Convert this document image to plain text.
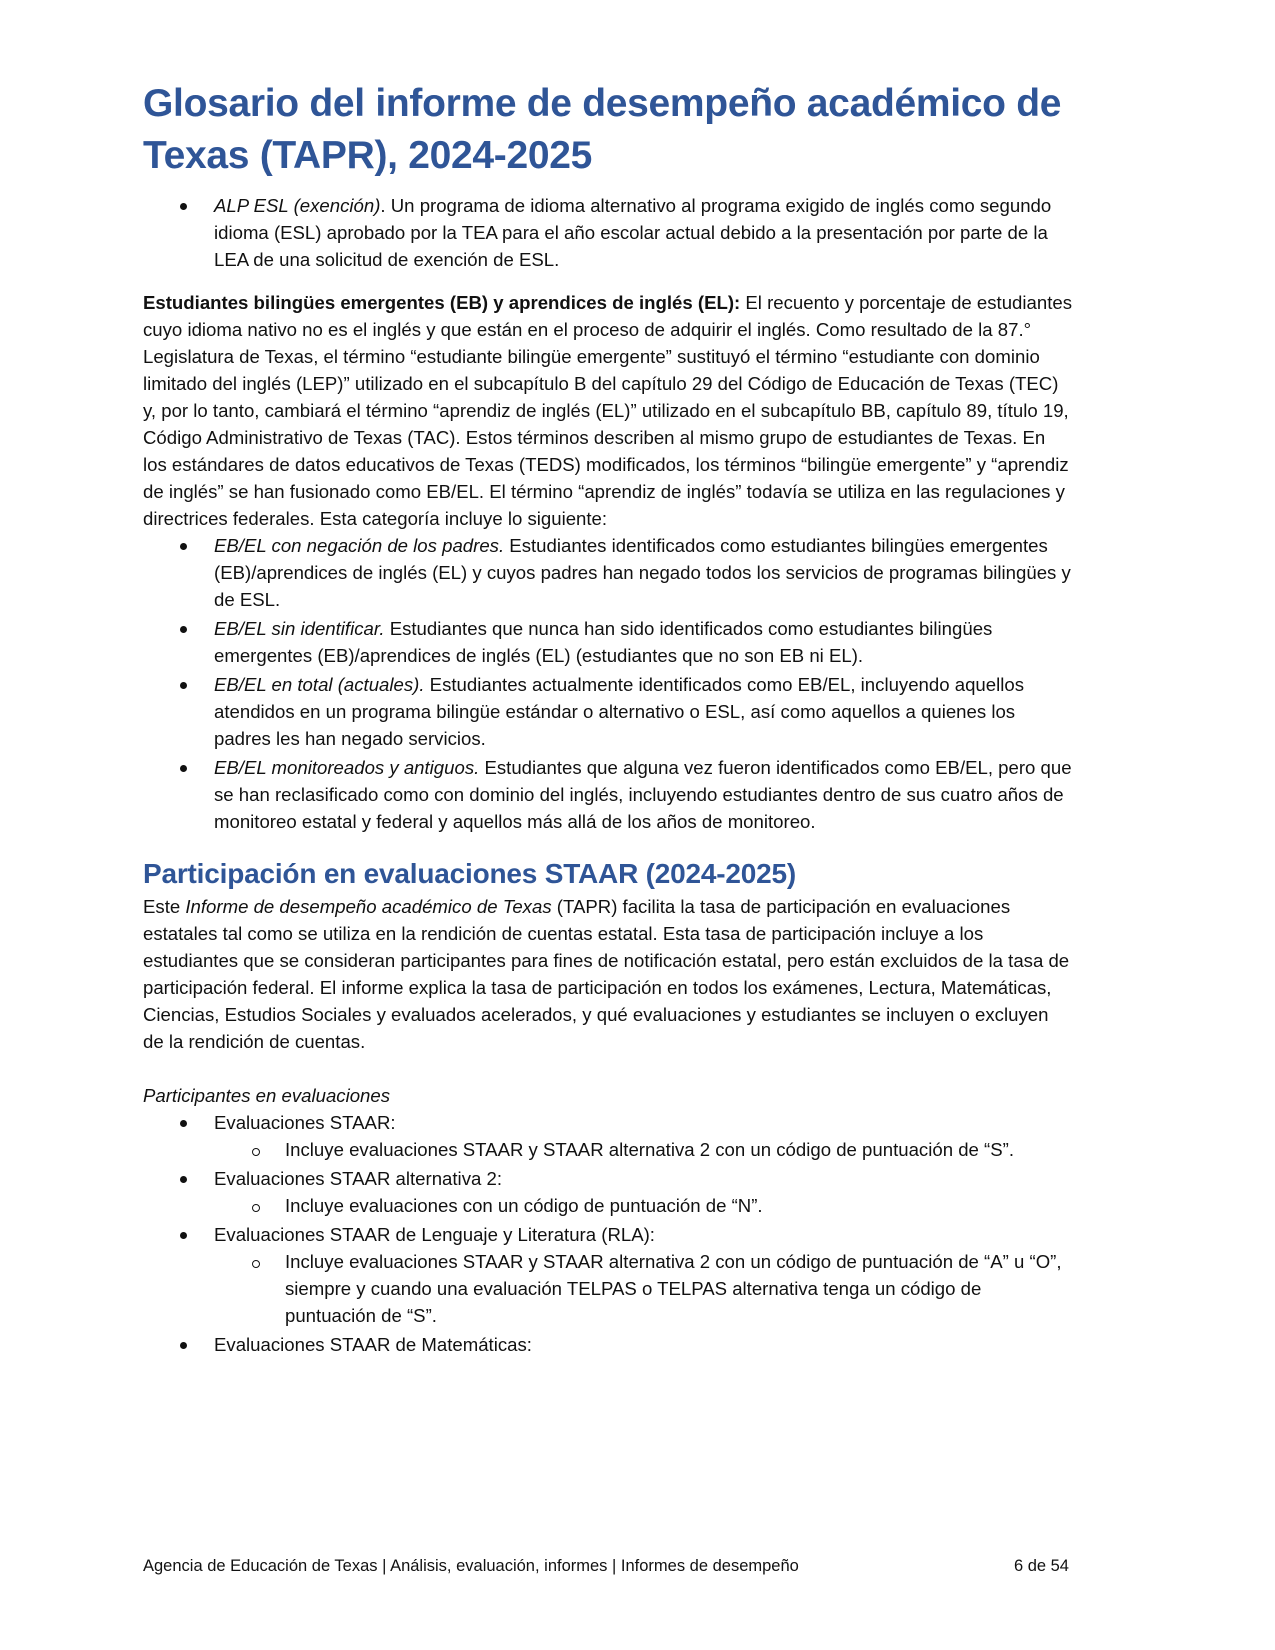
Glosario del informe de desempeño académico de
Texas (TAPR), 2024-2025
ALP ESL (exención). Un programa de idioma alternativo al programa exigido de inglés como segundo idioma (ESL) aprobado por la TEA para el año escolar actual debido a la presentación por parte de la LEA de una solicitud de exención de ESL.

Estudiantes bilingües emergentes (EB) y aprendices de inglés (EL): El recuento y porcentaje de estudiantes cuyo idioma nativo no es el inglés y que están en el proceso de adquirir el inglés. Como resultado de la 87.° Legislatura de Texas, el término “estudiante bilingüe emergente” sustituyó el término “estudiante con dominio limitado del inglés (LEP)” utilizado en el subcapítulo B del capítulo 29 del Código de Educación de Texas (TEC) y, por lo tanto, cambiará el término “aprendiz de inglés (EL)” utilizado en el subcapítulo BB, capítulo 89, título 19, Código Administrativo de Texas (TAC). Estos términos describen al mismo grupo de estudiantes de Texas. En los estándares de datos educativos de Texas (TEDS) modificados, los términos “bilingüe emergente” y “aprendiz de inglés” se han fusionado como EB/EL. El término “aprendiz de inglés” todavía se utiliza en las regulaciones y directrices federales. Esta categoría incluye lo siguiente:

EB/EL con negación de los padres. Estudiantes identificados como estudiantes bilingües emergentes (EB)/aprendices de inglés (EL) y cuyos padres han negado todos los servicios de programas bilingües y de ESL.
EB/EL sin identificar. Estudiantes que nunca han sido identificados como estudiantes bilingües emergentes (EB)/aprendices de inglés (EL) (estudiantes que no son EB ni EL).
EB/EL en total (actuales). Estudiantes actualmente identificados como EB/EL, incluyendo aquellos atendidos en un programa bilingüe estándar o alternativo o ESL, así como aquellos a quienes los padres les han negado servicios.
EB/EL monitoreados y antiguos. Estudiantes que alguna vez fueron identificados como EB/EL, pero que se han reclasificado como con dominio del inglés, incluyendo estudiantes dentro de sus cuatro años de monitoreo estatal y federal y aquellos más allá de los años de monitoreo.
Participación en evaluaciones STAAR (2024-2025)

Este Informe de desempeño académico de Texas (TAPR) facilita la tasa de participación en evaluaciones estatales tal como se utiliza en la rendición de cuentas estatal. Esta tasa de participación incluye a los estudiantes que se consideran participantes para fines de notificación estatal, pero están excluidos de la tasa de participación federal. El informe explica la tasa de participación en todos los exámenes, Lectura, Matemáticas, Ciencias, Estudios Sociales y evaluados acelerados, y qué evaluaciones y estudiantes se incluyen o excluyen de la rendición de cuentas.

Participantes en evaluaciones

Evaluaciones STAAR:
Incluye evaluaciones STAAR y STAAR alternativa 2 con un código de puntuación de “S”.
Evaluaciones STAAR alternativa 2:
Incluye evaluaciones con un código de puntuación de “N”.
Evaluaciones STAAR de Lenguaje y Literatura (RLA):
Incluye evaluaciones STAAR y STAAR alternativa 2 con un código de puntuación de “A” u “O”, siempre y cuando una evaluación TELPAS o TELPAS alternativa tenga un código de puntuación de “S”.
Evaluaciones STAAR de Matemáticas:
Agencia de Educación de Texas | Análisis, evaluación, informes | Informes de desempeño	6 de 54
